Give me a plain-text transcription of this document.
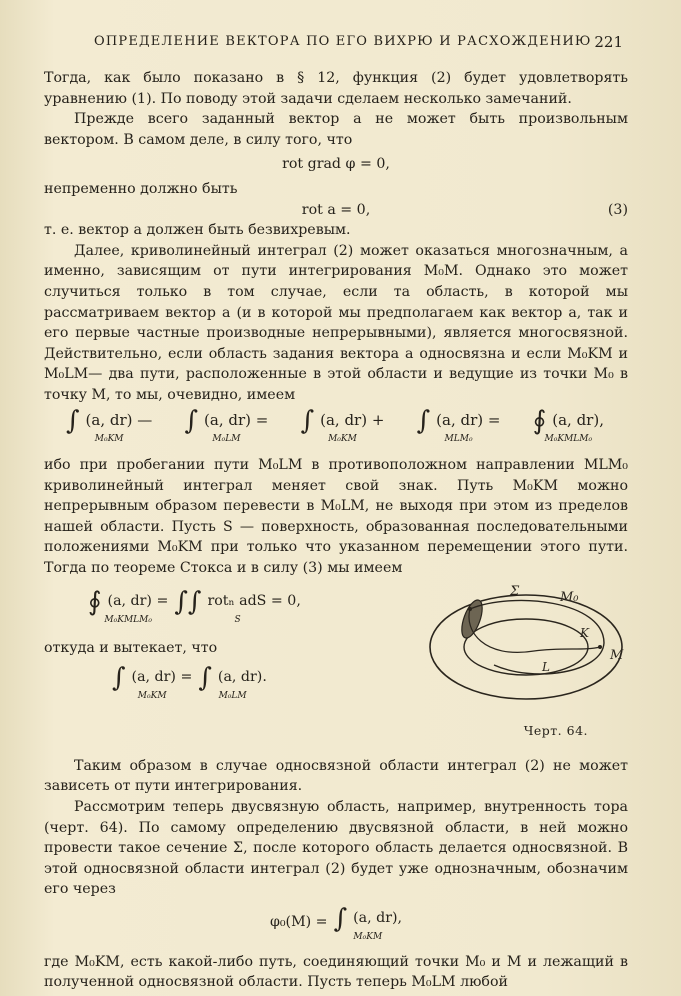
ОПРЕДЕЛЕНИЕ ВЕКТОРА ПО ЕГО ВИХРЮ И РАСХОЖДЕНИЮ 221

Тогда, как было показано в § 12, функция (2) будет удовлетворять уравнению (1). По поводу этой задачи сделаем несколько замечаний.

Прежде всего заданный вектор a не может быть произвольным вектором. В самом деле, в силу того, что

rot grad φ = 0,

непременно должно быть

rot a = 0,	(3)

т. е. вектор a должен быть безвихревым.

Далее, криволинейный интеграл (2) может оказаться многозначным, а именно, зависящим от пути интегрирования M₀M. Однако это может случиться только в том случае, если та область, в которой мы рассматриваем вектор a (и в которой мы предполагаем как вектор a, так и его первые частные производные непрерывными), является многосвязной. Действительно, если область задания вектора a односвязна и если M₀KM и M₀LM— два пути, расположенные в этой области и ведущие из точки M₀ в точку M, то мы, очевидно, имеем

∫ (a, dr) —
M₀KM
∫ (a, dr) =
M₀LM
∫ (a, dr) +
M₀KM
∫ (a, dr) =
MLM₀
∮ (a, dr),
M₀KMLM₀

ибо при пробегании пути M₀LM в противоположном направлении MLM₀ криволинейный интеграл меняет свой знак. Путь M₀KM можно непрерывным образом перевести в M₀LM, не выходя при этом из пределов нашей области. Пусть S — поверхность, образованная последовательными положениями M₀KM при только что указанном перемещении этого пути. Тогда по теореме Стокса и в силу (3) мы имеем

∮ (a, dr) =
M₀KMLM₀
∫∫ rotₙ adS = 0,
S

откуда и вытекает, что

∫ (a, dr) =
M₀KM
∫ (a, dr).
M₀LM
Σ	M₀
K
L
M
Черт. 64.

Таким образом в случае односвязной области интеграл (2) не может зависеть от пути интегрирования.

Рассмотрим теперь двусвязную область, например, внутренность тора (черт. 64). По самому определению двусвязной области, в ней можно провести такое сечение Σ, после которого область делается односвязной. В этой односвязной области интеграл (2) будет уже однозначным, обозначим его через

φ₀(M) = ∫ (a, dr),
M₀KM

где M₀KM, есть какой-либо путь, соединяющий точки M₀ и M и лежащий в полученной односвязной области. Пусть теперь M₀LM любой
